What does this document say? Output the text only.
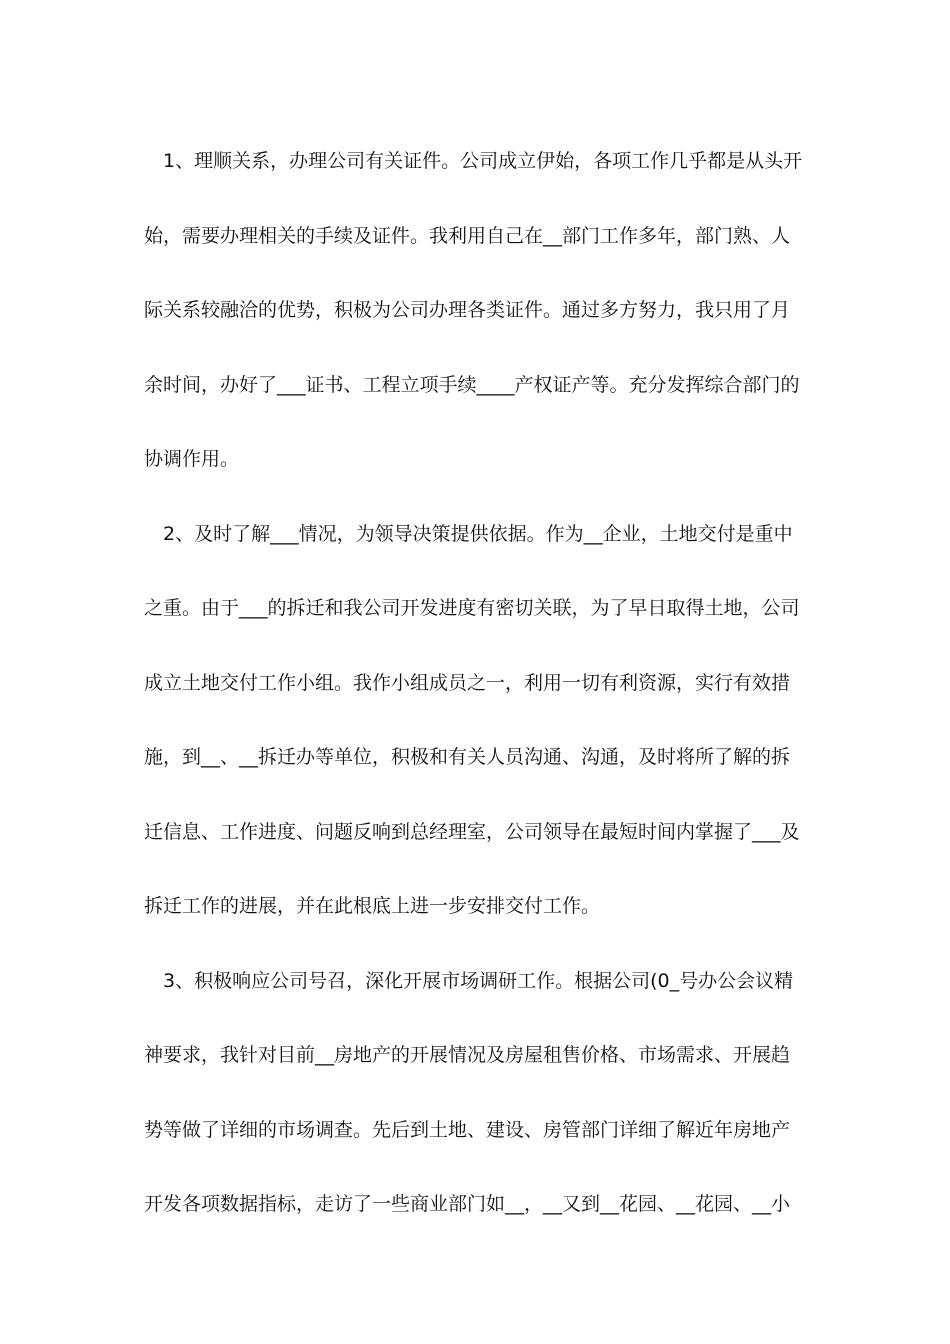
1、理顺关系，办理公司有关证件。公司成立伊始，各项工作几乎都是从头开
始，需要办理相关的手续及证件。我利用自己在__部门工作多年，部门熟、人
际关系较融洽的优势，积极为公司办理各类证件。通过多方努力，我只用了月
余时间，办好了___证书、工程立项手续____产权证产等。充分发挥综合部门的
协调作用。
2、及时了解___情况，为领导决策提供依据。作为__企业，土地交付是重中
之重。由于___的拆迁和我公司开发进度有密切关联，为了早日取得土地，公司
成立土地交付工作小组。我作小组成员之一，利用一切有利资源，实行有效措
施，到__、__拆迁办等单位，积极和有关人员沟通、沟通，及时将所了解的拆
迁信息、工作进度、问题反响到总经理室，公司领导在最短时间内掌握了___及
拆迁工作的进展，并在此根底上进一步安排交付工作。
3、积极响应公司号召，深化开展市场调研工作。根据公司(0_号办公会议精
神要求，我针对目前__房地产的开展情况及房屋租售价格、市场需求、开展趋
势等做了详细的市场调查。先后到土地、建设、房管部门详细了解近年房地产
开发各项数据指标，走访了一些商业部门如__，__又到__花园、__花园、__小
